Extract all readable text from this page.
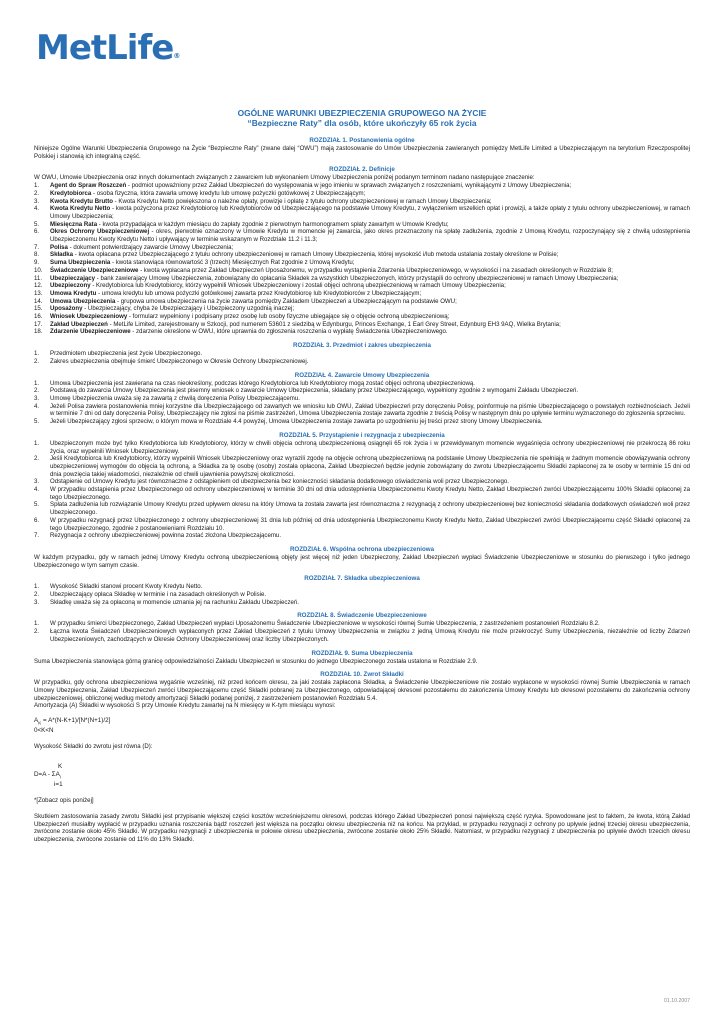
MetLife®
OGÓLNE WARUNKI UBEZPIECZENIA GRUPOWEGO NA ŻYCIE
“Bezpieczne Raty” dla osób, które ukończyły 65 rok życia
ROZDZIAŁ 1. Postanowienia ogólne
Niniejsze Ogólne Warunki Ubezpieczenia Grupowego na Życie “Bezpieczne Raty” (zwane dalej “OWU”) mają zastosowanie do Umów Ubezpieczenia zawieranych pomiędzy MetLife Limited a Ubezpieczającym na terytorium Rzeczpospolitej Polskiej i stanowią ich integralną część.
ROZDZIAŁ 2. Definicje
W OWU, Umowie Ubezpieczenia oraz innych dokumentach związanych z zawarciem lub wykonaniem Umowy Ubezpieczenia poniżej podanym terminom nadano następujące znaczenie:
1.	Agent do Spraw Roszczeń - podmiot upoważniony przez Zakład Ubezpieczeń do występowania w jego imieniu w sprawach związanych z roszczeniami, wynikającymi z Umowy Ubezpieczenia;
2.	Kredytobiorca - osoba fizyczna, która zawarła umowę kredytu lub umowę pożyczki gotówkowej z Ubezpieczającym;
3.	Kwota Kredytu Brutto - Kwota Kredytu Netto powiększona o należne opłaty, prowizje i opłatę z tytułu ochrony ubezpieczeniowej w ramach Umowy Ubezpieczenia;
4.	Kwota Kredytu Netto - kwota pożyczona przez Kredytobiorcę lub Kredytobiorców od Ubezpieczającego na podstawie Umowy Kredytu, z wyłączeniem wszelkich opłat i prowizji, a także opłaty z tytułu ochrony ubezpieczeniowej, w ramach Umowy Ubezpieczenia;
5.	Miesięczna Rata - kwota przypadająca w każdym miesiącu do zapłaty zgodnie z pierwotnym harmonogramem spłaty zawartym w Umowie Kredytu;
6.	Okres Ochrony Ubezpieczeniowej - okres, pierwotnie oznaczony w Umowie Kredytu w momencie jej zawarcia, jako okres przeznaczony na spłatę zadłużenia, zgodnie z Umową Kredytu, rozpoczynający się z chwilą udostępnienia Ubezpieczonemu Kwoty Kredytu Netto i upływający w terminie wskazanym w Rozdziale 11.2 i 11.3;
7.	Polisa - dokument potwierdzający zawarcie Umowy Ubezpieczenia;
8.	Składka - kwota opłacana przez Ubezpieczającego z tytułu ochrony ubezpieczeniowej w ramach Umowy Ubezpieczenia, której wysokość i/lub metoda ustalania zostały określone w Polisie;
9.	Suma Ubezpieczenia - kwota stanowiąca równowartość 3 (trzech) Miesięcznych Rat zgodnie z Umową Kredytu;
10.	Świadczenie Ubezpieczeniowe - kwota wypłacana przez Zakład Ubezpieczeń Uposażonemu, w przypadku wystąpienia Zdarzenia Ubezpieczeniowego, w wysokości i na zasadach określonych w Rozdziale 8;
11.	Ubezpieczający - bank zawierający Umowę Ubezpieczenia, zobowiązany do opłacania Składek za wszystkich Ubezpieczonych, którzy przystąpili do ochrony ubezpieczeniowej w ramach Umowy Ubezpieczenia;
12.	Ubezpieczony - Kredytobiorca lub Kredytobiorcy, którzy wypełnili Wniosek Ubezpieczeniowy i zostali objęci ochroną ubezpieczeniową w ramach Umowy Ubezpieczenia;
13.	Umowa Kredytu - umowa kredytu lub umowa pożyczki gotówkowej zawarta przez Kredytobiorcę lub Kredytobiorców z Ubezpieczającym;
14.	Umowa Ubezpieczenia - grupowa umowa ubezpieczenia na życie zawarta pomiędzy Zakładem Ubezpieczeń a Ubezpieczającym na podstawie OWU;
15.	Uposażony - Ubezpieczający, chyba że Ubezpieczający i Ubezpieczony uzgodnią inaczej;
16.	Wniosek Ubezpieczeniowy - formularz wypełniony i podpisany przez osobę lub osoby fizyczne ubiegające się o objęcie ochroną ubezpieczeniową;
17.	Zakład Ubezpieczeń - MetLife Limited, zarejestrowany w Szkocji, pod numerem 53601 z siedzibą w Edynburgu, Princes Exchange, 1 Earl Grey Street, Edynburg EH3 9AQ, Wielka Brytania;
18.	Zdarzenie Ubezpieczeniowe - zdarzenie określone w OWU, które uprawnia do zgłoszenia roszczenia o wypłatę Świadczenia Ubezpieczeniowego.
ROZDZIAŁ 3. Przedmiot i zakres ubezpieczenia
1.	Przedmiotem ubezpieczenia jest życie Ubezpieczonego.
2.	Zakres ubezpieczenia obejmuje śmierć Ubezpieczonego w Okresie Ochrony Ubezpieczeniowej.
ROZDZIAŁ 4. Zawarcie Umowy Ubezpieczenia
1.	Umowa Ubezpieczenia jest zawierana na czas nieokreślony, podczas którego Kredytobiorca lub Kredytobiorcy mogą zostać objęci ochroną ubezpieczeniową.
2.	Podstawą do zawarcia Umowy Ubezpieczenia jest pisemny wniosek o zawarcie Umowy Ubezpieczenia, składany przez Ubezpieczającego, wypełniony zgodnie z wymogami Zakładu Ubezpieczeń.
3.	Umowę Ubezpieczenia uważa się za zawartą z chwilą doręczenia Polisy Ubezpieczającemu.
4.	Jeżeli Polisa zawiera postanowienia mniej korzystne dla Ubezpieczającego od zawartych we wniosku lub OWU, Zakład Ubezpieczeń przy doręczeniu Polisy, poinformuje na piśmie Ubezpieczającego o powstałych rozbieżnościach. Jeżeli w terminie 7 dni od daty doręczenia Polisy, Ubezpieczający nie zgłosi na piśmie zastrzeżeń, Umowa Ubezpieczenia zostaje zawarta zgodnie z treścią Polisy w następnym dniu po upływie terminu wyznaczonego do zgłoszenia sprzeciwu.
5.	Jeżeli Ubezpieczający zgłosi sprzeciw, o którym mowa w Rozdziale 4.4 powyżej, Umowa Ubezpieczenia zostaje zawarta po uzgodnieniu jej treści przez strony Umowy Ubezpieczenia.
ROZDZIAŁ 5. Przystąpienie i rezygnacja z ubezpieczenia
1.	Ubezpieczonym może być tylko Kredytobiorca lub Kredytobiorcy, którzy w chwili objęcia ochroną ubezpieczeniową osiągnęli 65 rok życia i w przewidywanym momencie wygaśnięcia ochrony ubezpieczeniowej nie przekroczą 86 roku życia, oraz wypełnili Wniosek Ubezpieczeniowy.
2.	Jeśli Kredytobiorca lub Kredytobiorcy, którzy wypełnili Wniosek Ubezpieczeniowy oraz wyrazili zgodę na objęcie ochroną ubezpieczeniową na podstawie Umowy Ubezpieczenia nie spełniają w żadnym momencie obowiązywania ochrony ubezpieczeniowej wymogów do objęcia tą ochroną, a Składka za tę osobę (osoby) została opłacona, Zakład Ubezpieczeń będzie jedynie zobowiązany do zwrotu Ubezpieczającemu Składki zapłaconej za te osoby w terminie 15 dni od dnia powzięcia takiej wiadomości, niezależnie od chwili ujawnienia powyższej okoliczności.
3.	Odstąpienie od Umowy Kredytu jest równoznaczne z odstąpieniem od ubezpieczenia bez konieczności składania dodatkowego oświadczenia woli przez Ubezpieczonego.
4.	W przypadku odstąpienia przez Ubezpieczonego od ochrony ubezpieczeniowej w terminie 30 dni od dnia udostępnienia Ubezpieczonemu Kwoty Kredytu Netto, Zakład Ubezpieczeń zwróci Ubezpieczającemu 100% Składki opłaconej za tego Ubezpieczonego.
5.	Spłata zadłużenia lub rozwiązanie Umowy Kredytu przed upływem okresu na który Umowa ta została zawarta jest równoznaczna z rezygnacją z ochrony ubezpieczeniowej bez konieczności składania dodatkowych oświadczeń woli przez Ubezpieczonego.
6.	W przypadku rezygnacji przez Ubezpieczonego z ochrony ubezpieczeniowej 31 dnia lub później od dnia udostępnienia Ubezpieczonemu Kwoty Kredytu Netto, Zakład Ubezpieczeń zwróci Ubezpieczającemu część Składki opłaconej za tego Ubezpieczonego, zgodnie z postanowieniami Rozdziału 10.
7.	Rezygnacja z ochrony ubezpieczeniowej powinna zostać złożona Ubezpieczającemu.
ROZDZIAŁ 6. Wspólna ochrona ubezpieczeniowa
W każdym przypadku, gdy w ramach jednej Umowy Kredytu ochroną ubezpieczeniową objęty jest więcej niż jeden Ubezpieczony, Zakład Ubezpieczeń wypłaci Świadczenie Ubezpieczeniowe w stosunku do pierwszego i tylko jednego Ubezpieczonego w tym samym czasie.
ROZDZIAŁ 7. Składka ubezpieczeniowa
1.	Wysokość Składki stanowi procent Kwoty Kredytu Netto.
2.	Ubezpieczający opłaca Składkę w terminie i na zasadach określonych w Polisie.
3.	Składkę uważa się za opłaconą w momencie uznania jej na rachunku Zakładu Ubezpieczeń.
ROZDZIAŁ 8. Świadczenie Ubezpieczeniowe
1.	W przypadku śmierci Ubezpieczonego, Zakład Ubezpieczeń wypłaci Uposażonemu Świadczenie Ubezpieczeniowe w wysokości równej Sumie Ubezpieczenia, z zastrzeżeniem postanowień Rozdziału 8.2.
2.	Łączna kwota Świadczeń Ubezpieczeniowych wypłaconych przez Zakład Ubezpieczeń z tytułu Umowy Ubezpieczenia w związku z jedną Umową Kredytu nie może przekroczyć Sumy Ubezpieczenia, niezależnie od liczby Zdarzeń Ubezpieczeniowych, zachodzących w Okresie Ochrony Ubezpieczeniowej oraz liczby Ubezpieczonych.
ROZDZIAŁ 9. Suma Ubezpieczenia
Suma Ubezpieczenia stanowiąca górną granicę odpowiedzialności Zakładu Ubezpieczeń w stosunku do jednego Ubezpieczonego została ustalona w Rozdziale 2.9.
ROZDZIAŁ 10. Zwrot Składki
W przypadku, gdy ochrona ubezpieczeniowa wygaśnie wcześniej, niż przed końcem okresu, za jaki została zapłacona Składka, a Świadczenie Ubezpieczeniowe nie zostało wypłacone w wysokości równej Sumie Ubezpieczenia w ramach Umowy Ubezpieczenia, Zakład Ubezpieczeń zwróci Ubezpieczającemu część Składki pobranej za Ubezpieczonego, odpowiadającej okresowi pozostałemu do zakończenia Umowy Kredytu lub okresowi pozostałemu do zakończenia ochrony ubezpieczeniowej, obliczonej według metody amortyzacji Składki podanej poniżej, z zastrzeżeniem postanowień Rozdziału 5.4.
Amortyzacja (A) Składki w wysokości S przy Umowie Kredytu zawartej na N miesięcy w K-tym miesiącu wynosi:
$A_K = A*(N-K+1)/[N*(N+1)/2]$
0<K<N
Wysokość Składki do zwrotu jest równa (D):
K
$D=A - \Sigma A_i$
i=1
*[Zobacz opis poniżej]
Skutkiem zastosowania zasady zwrotu Składki jest przypisanie większej części kosztów wcześniejszemu okresowi, podczas którego Zakład Ubezpieczeń ponosi największą część ryzyka. Spowodowane jest to faktem, że kwota, którą Zakład Ubezpieczeń musiałby wypłacić w przypadku uznania roszczenia bądź roszczeń jest większa na początku okresu ubezpieczenia niż na końcu. Na przykład, w przypadku rezygnacji z ochrony po upływie jednej trzeciej okresu ubezpieczenia, zwrócone zostanie około 45% Składki. W przypadku rezygnacji z ubezpieczenia w połowie okresu ubezpieczenia, zwrócone zostanie około 25% Składki. Natomiast, w przypadku rezygnacji z ubezpieczenia po upływie dwóch trzecich okresu ubezpieczenia, zwrócone zostanie od 11% do 13% Składki.
01.10.2007
